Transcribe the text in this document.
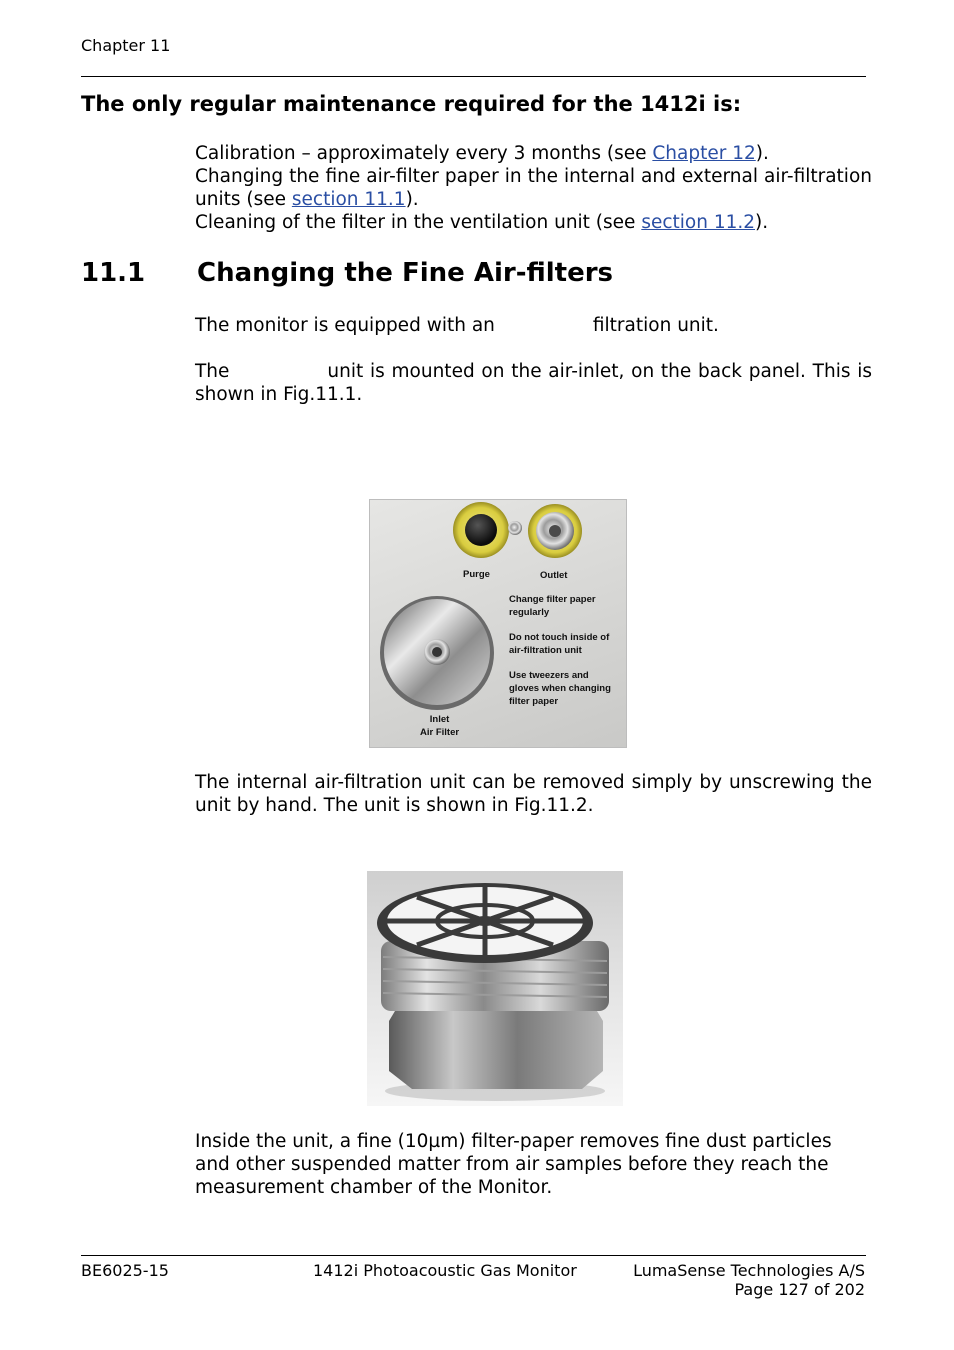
Chapter 11
The only regular maintenance required for the 1412i is:
Calibration – approximately every 3 months (see Chapter 12).
Changing the fine air-filter paper in the internal and external air-filtration units (see section 11.1).
Cleaning of the filter in the ventilation unit (see section 11.2).
11.1 Changing the Fine Air-filters
The monitor is equipped with an	filtration unit.
The	unit is mounted on the air-inlet, on the back panel. This is shown in Fig.11.1.
Purge	Outlet
Change filter paper
regularly
Do not touch inside of
air-filtration unit
Use tweezers and
gloves when changing
filter paper
Inlet
Air Filter
The internal air-filtration unit can be removed simply by unscrewing the unit by hand. The unit is shown in Fig.11.2.
Inside the unit, a fine (10µm) filter-paper removes fine dust particles and other suspended matter from air samples before they reach the measurement chamber of the Monitor.
BE6025-15	1412i Photoacoustic Gas Monitor	LumaSense Technologies A/S
Page 127 of 202
